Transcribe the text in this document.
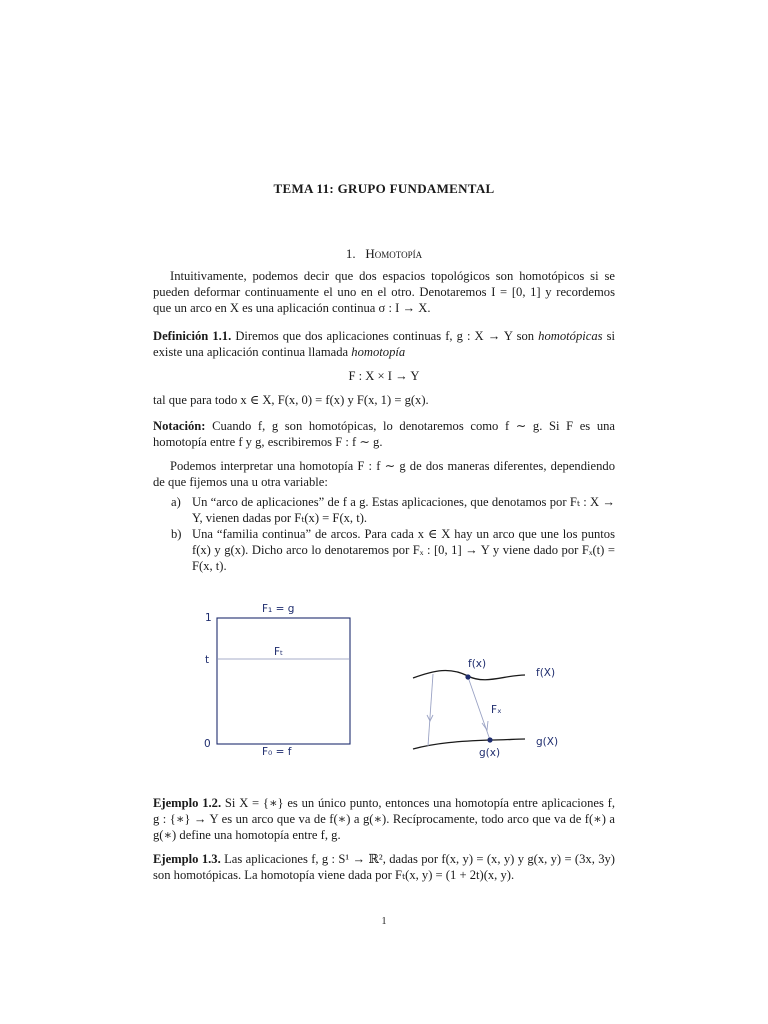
TEMA 11: GRUPO FUNDAMENTAL
1. Homotopía
Intuitivamente, podemos decir que dos espacios topológicos son homotópicos si se pueden deformar continuamente el uno en el otro. Denotaremos I = [0, 1] y recordemos que un arco en X es una aplicación continua σ : I → X.
Definición 1.1. Diremos que dos aplicaciones continuas f, g : X → Y son homotópicas si existe una aplicación continua llamada homotopía
F : X × I → Y
tal que para todo x ∈ X, F(x, 0) = f(x) y F(x, 1) = g(x).
Notación: Cuando f, g son homotópicas, lo denotaremos como f ∼ g. Si F es una homotopía entre f y g, escribiremos F : f ∼ g.
Podemos interpretar una homotopía F : f ∼ g de dos maneras diferentes, dependiendo de que fijemos una u otra variable:
a) Un “arco de aplicaciones” de f a g. Estas aplicaciones, que denotamos por Fₜ : X → Y, vienen dadas por Fₜ(x) = F(x, t).
b) Una “familia continua” de arcos. Para cada x ∈ X hay un arco que une los puntos f(x) y g(x). Dicho arco lo denotaremos por Fₓ : [0, 1] → Y y viene dado por Fₓ(t) = F(x, t).
F₁ = g
Fₜ
F₀ = f
1
t
0
f(x)
g(x)
f(X)
g(X)
Fₓ
Ejemplo 1.2. Si X = {∗} es un único punto, entonces una homotopía entre aplicaciones f, g : {∗} → Y es un arco que va de f(∗) a g(∗). Recíprocamente, todo arco que va de f(∗) a g(∗) define una homotopía entre f, g.
Ejemplo 1.3. Las aplicaciones f, g : S¹ → ℝ², dadas por f(x, y) = (x, y) y g(x, y) = (3x, 3y) son homotópicas. La homotopía viene dada por Fₜ(x, y) = (1 + 2t)(x, y).
1
